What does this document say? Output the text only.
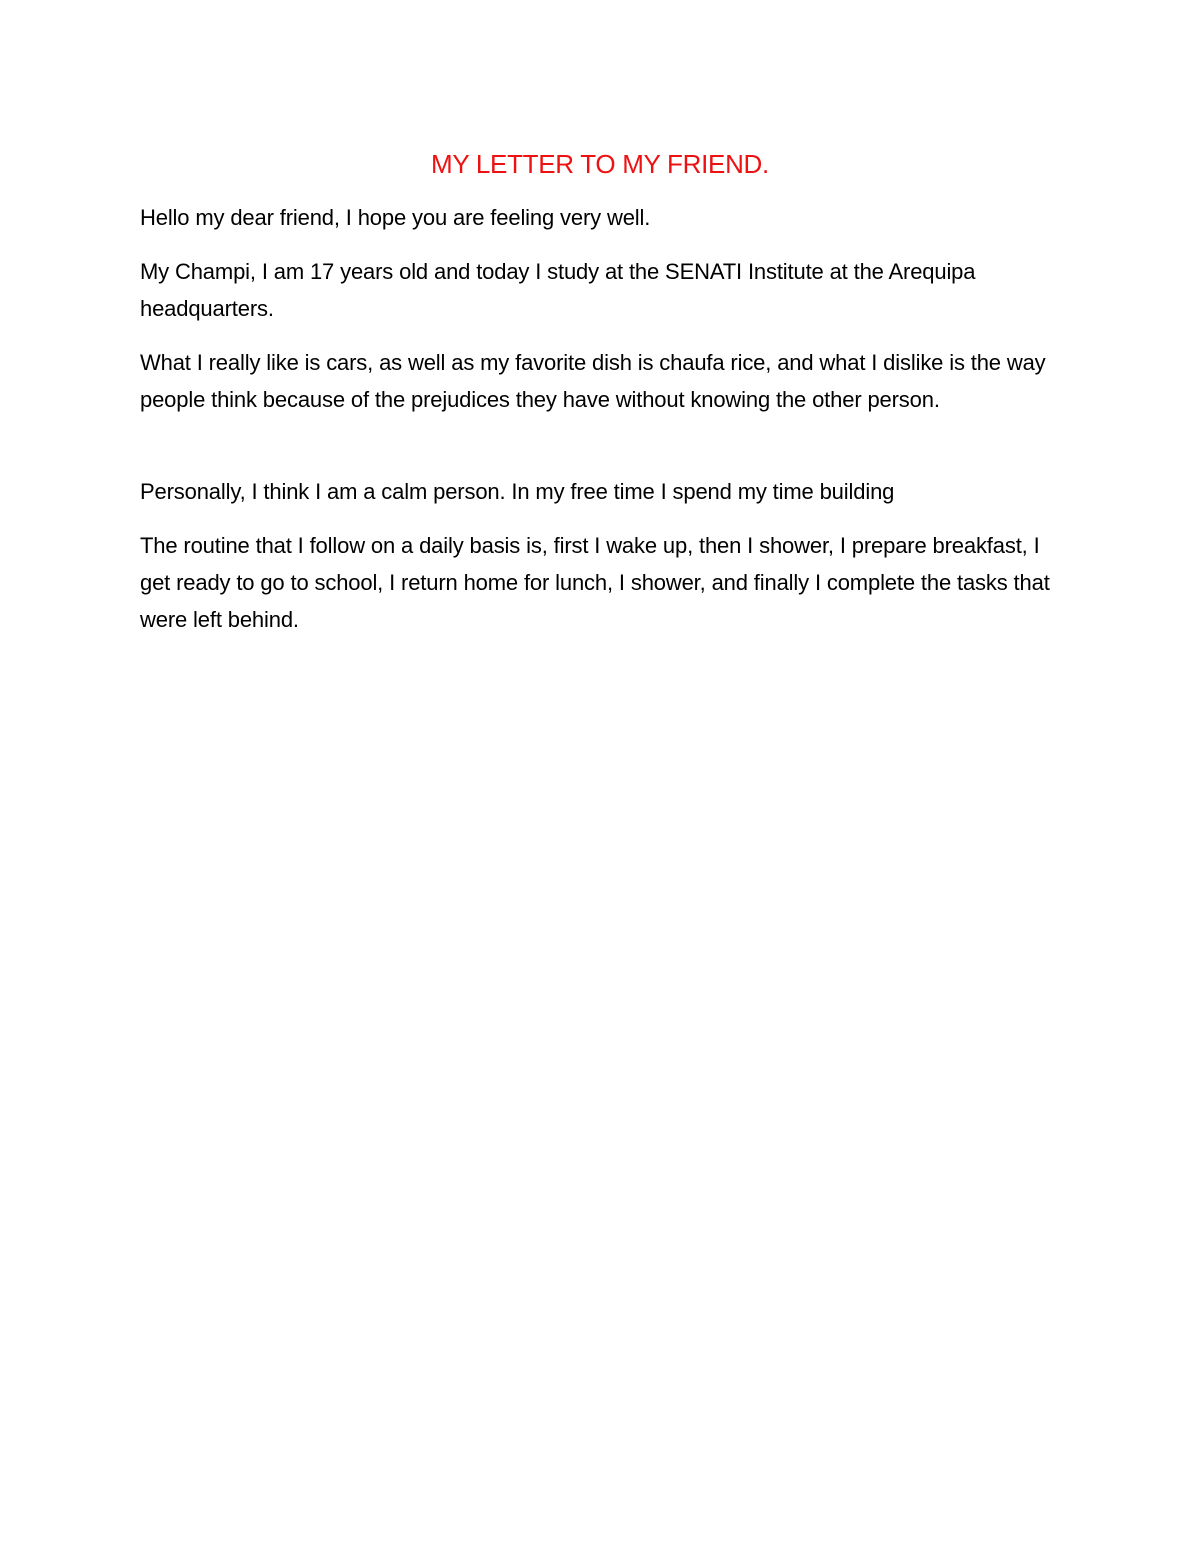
MY LETTER TO MY FRIEND.

Hello my dear friend, I hope you are feeling very well.

My Champi, I am 17 years old and today I study at the SENATI Institute at the Arequipa headquarters.

What I really like is cars, as well as my favorite dish is chaufa rice, and what I dislike is the way people think because of the prejudices they have without knowing the other person.

Personally, I think I am a calm person. In my free time I spend my time building

The routine that I follow on a daily basis is, first I wake up, then I shower, I prepare breakfast, I get ready to go to school, I return home for lunch, I shower, and finally I complete the tasks that were left behind.
